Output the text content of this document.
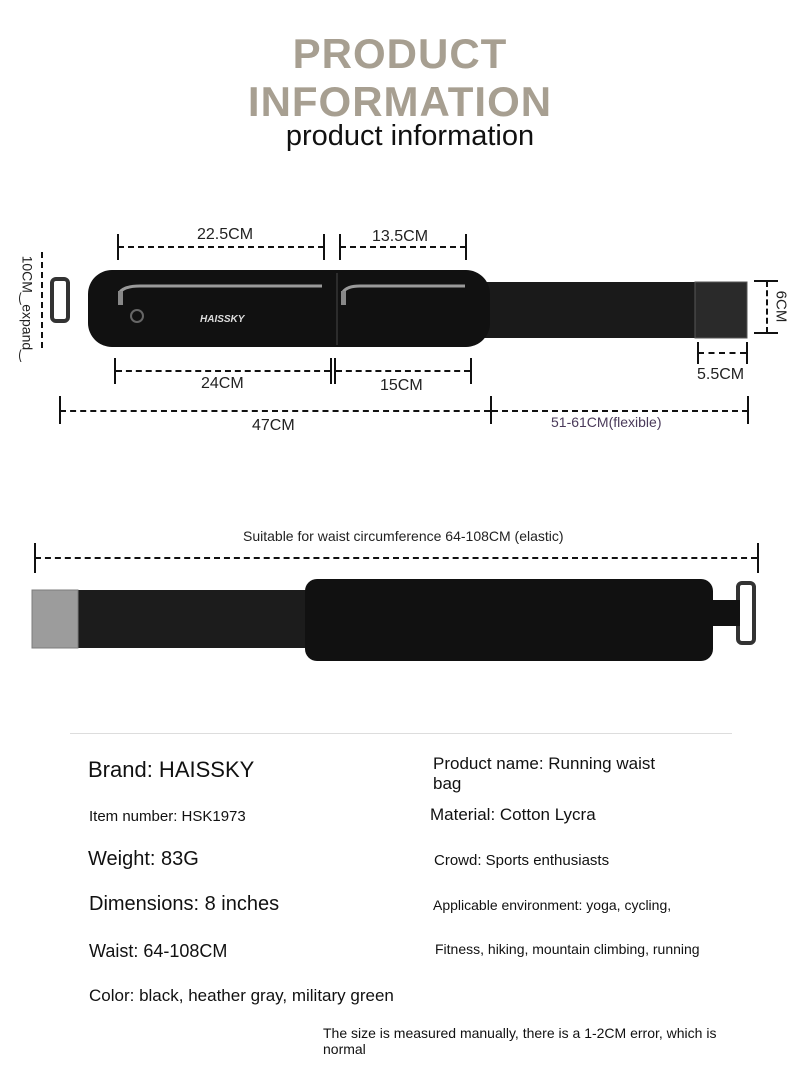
PRODUCT
INFORMATION
product information
HAISSKY
22.5CM	13.5CM
10CM‿expand‿
24CM	15CM
6CM
5.5CM
47CM	51-61CM(flexible)
Suitable for waist circumference 64-108CM (elastic)
Brand: HAISSKY
Item number: HSK1973
Weight: 83G
Dimensions: 8 inches
Waist: 64-108CM
Color: black, heather gray, military green
Product name: Running waist
bag
Material: Cotton Lycra
Crowd: Sports enthusiasts
Applicable environment: yoga, cycling,
Fitness, hiking, mountain climbing, running
The size is measured manually, there is a 1-2CM error, which is
normal
